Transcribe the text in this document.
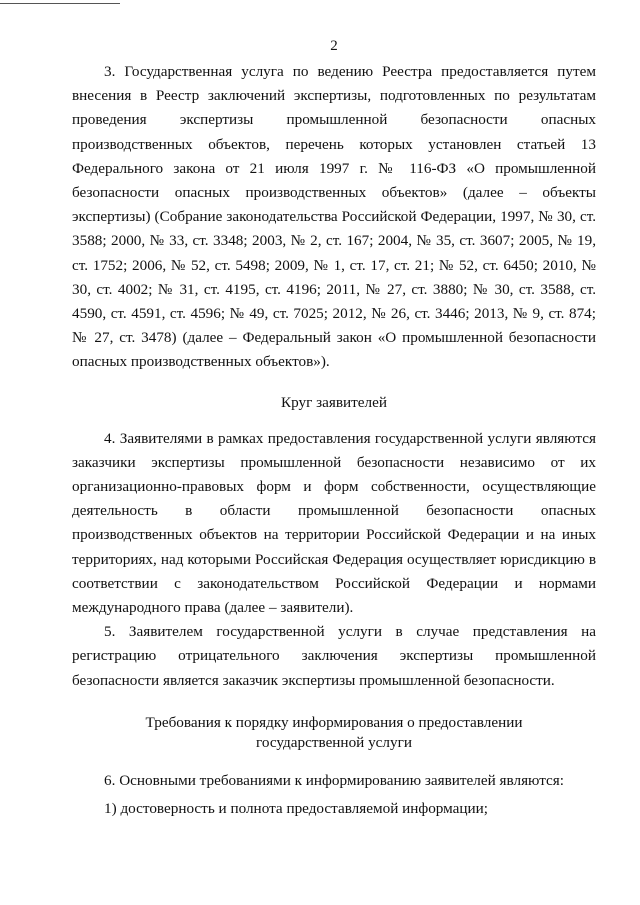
2

3. Государственная услуга по ведению Реестра предоставляется путем внесения в Реестр заключений экспертизы, подготовленных по результатам проведения экспертизы промышленной безопасности опасных производственных объектов, перечень которых установлен статьей 13 Федерального закона от 21 июля 1997 г. № 116-ФЗ «О промышленной безопасности опасных производственных объектов» (далее – объекты экспертизы) (Собрание законодательства Российской Федерации, 1997, № 30, ст. 3588; 2000, № 33, ст. 3348; 2003, № 2, ст. 167; 2004, № 35, ст. 3607; 2005, № 19, ст. 1752; 2006, № 52, ст. 5498; 2009, № 1, ст. 17, ст. 21; № 52, ст. 6450; 2010, № 30, ст. 4002; № 31, ст. 4195, ст. 4196; 2011, № 27, ст. 3880; № 30, ст. 3588, ст. 4590, ст. 4591, ст. 4596; № 49, ст. 7025; 2012, № 26, ст. 3446; 2013, № 9, ст. 874; № 27, ст. 3478) (далее – Федеральный закон «О промышленной безопасности опасных производственных объектов»).

Круг заявителей

4. Заявителями в рамках предоставления государственной услуги являются заказчики экспертизы промышленной безопасности независимо от их организационно-правовых форм и форм собственности, осуществляющие деятельность в области промышленной безопасности опасных производственных объектов на территории Российской Федерации и на иных территориях, над которыми Российская Федерация осуществляет юрисдикцию в соответствии с законодательством Российской Федерации и нормами международного права (далее – заявители).

5. Заявителем государственной услуги в случае представления на регистрацию отрицательного заключения экспертизы промышленной безопасности является заказчик экспертизы промышленной безопасности.

Требования к порядку информирования о предоставлении
государственной услуги

6. Основными требованиями к информированию заявителей являются:

1) достоверность и полнота предоставляемой информации;
